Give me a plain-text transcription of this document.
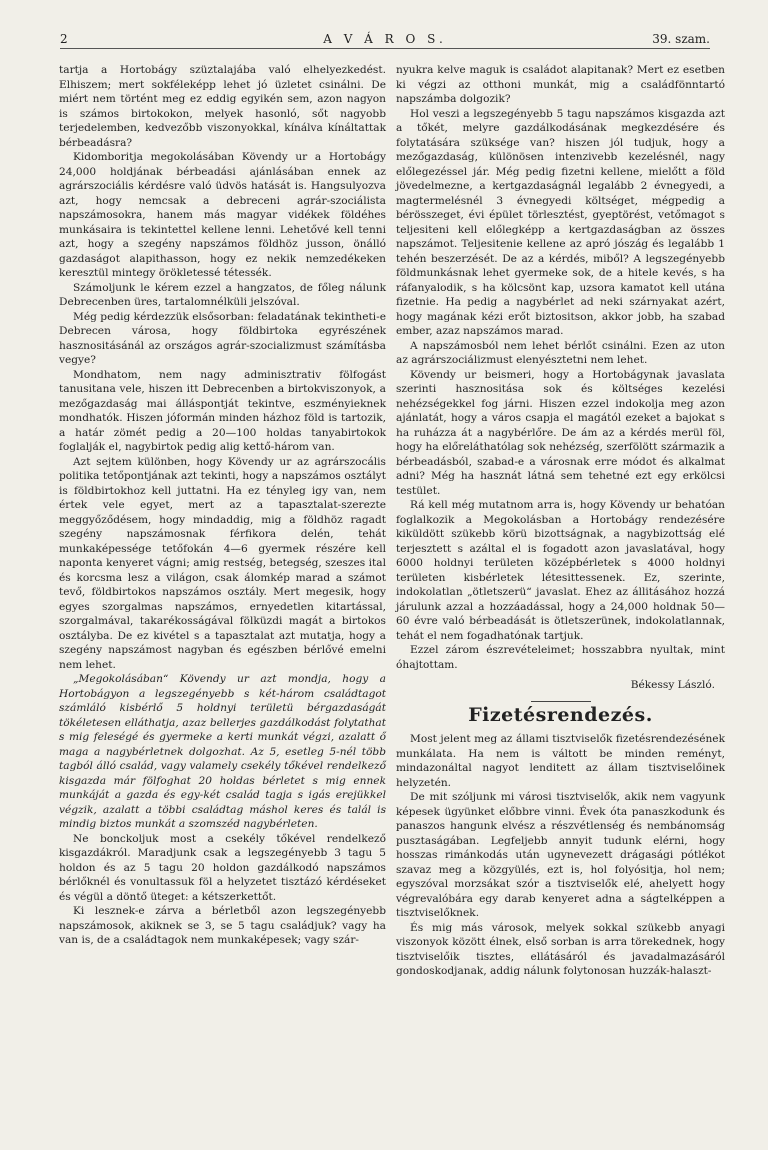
2	A V Á R O S.	39. szam.

tartja a Hortobágy szüztalajába való elhelyezkedést. Elhiszem; mert sokféleképp lehet jó üzletet csinálni. De miért nem történt meg ez eddig egyikén sem, azon nagyon is számos birtokokon, melyek hasonló, sőt nagyobb terjedelemben, kedvezőbb viszonyokkal, kínálva kínáltattak bérbeadásra?

Kidomboritja megokolásában Kövendy ur a Hortobágy 24,000 holdjának bérbeadási ajánlásában ennek az agrárszociális kérdésre való üdvös hatását is. Hangsulyozva azt, hogy nemcsak a debreceni agrár-szociálista napszámosokra, hanem más magyar vidékek földéhes munkásaira is tekintettel kellene lenni. Lehetővé kell tenni azt, hogy a szegény napszámos földhöz jusson, önálló gazdaságot alapithasson, hogy ez nekik nemzedékeken keresztül mintegy örökletessé tétessék.

Számoljunk le kérem ezzel a hangzatos, de főleg nálunk Debrecenben üres, tartalomnélküli jelszóval.

Még pedig kérdezzük elsősorban: feladatának tekintheti-e Debrecen városa, hogy földbirtoka egyrészének hasznositásánál az országos agrár-szocializmust számításba vegye?

Mondhatom, nem nagy adminisztrativ fölfogást tanusitana vele, hiszen itt Debrecenben a birtokviszonyok, a mezőgazdaság mai álláspontját tekintve, eszményieknek mondhatók. Hiszen jóformán minden házhoz föld is tartozik, a határ zömét pedig a 20—100 holdas tanyabirtokok foglalják el, nagybirtok pedig alig kettő-három van.

Azt sejtem különben, hogy Kövendy ur az agrárszocális politika tetőpontjának azt tekinti, hogy a napszámos osztályt is földbirtokhoz kell juttatni. Ha ez tényleg igy van, nem értek vele egyet, mert az a tapasztalat-szerezte meggyőződésem, hogy mindaddig, mig a földhöz ragadt szegény napszámosnak férfikora delén, tehát munkaképessége tetőfokán 4—6 gyermek részére kell naponta kenyeret vágni; amig restség, betegség, szeszes ital és korcsma lesz a világon, csak álomkép marad a számot tevő, földbirtokos napszámos osztály. Mert megesik, hogy egyes szorgalmas napszámos, ernyedetlen kitartással, szorgalmával, takarékosságával fölküzdi magát a birtokos osztályba. De ez kivétel s a tapasztalat azt mutatja, hogy a szegény napszámost nagyban és egészben bérlővé emelni nem lehet.

„Megokolásában“ Kövendy ur azt mondja, hogy a Hortobágyon a legszegényebb s két-három családtagot számláló kisbérlő 5 holdnyi területü bérgazdaságát tökéletesen elláthatja, azaz bellerjes gazdálkodást folytathat s mig feleségé és gyermeke a kerti munkát végzi, azalatt ő maga a nagybérletnek dolgozhat. Az 5, esetleg 5-nél több tagból álló család, vagy valamely csekély tőkével rendelkező kisgazda már fölfoghat 20 holdas bérletet s mig ennek munkáját a gazda és egy-két család tagja s igás erejükkel végzik, azalatt a többi családtag máshol keres és talál is mindig biztos munkát a szomszéd nagybérleten.

Ne bonckoljuk most a csekély tőkével rendelkező kisgazdákról. Maradjunk csak a legszegényebb 3 tagu 5 holdon és az 5 tagu 20 holdon gazdálkodó napszámos bérlőknél és vonultassuk föl a helyzetet tisztázó kérdéseket és végül a döntő üteget: a kétszerkettőt.

Ki lesznek-e zárva a bérletből azon legszegényebb napszámosok, akiknek se 3, se 5 tagu családjuk? vagy ha van is, de a családtagok nem munkaképesek; vagy szár-

nyukra kelve maguk is családot alapitanak? Mert ez esetben ki végzi az otthoni munkát, mig a családfönntartó napszámba dolgozik?

Hol veszi a legszegényebb 5 tagu napszámos kisgazda azt a tőkét, melyre gazdálkodásának megkezdésére és folytatására szüksége van? hiszen jól tudjuk, hogy a mezőgazdaság, különösen intenzivebb kezelésnél, nagy előlegezéssel jár. Még pedig fizetni kellene, mielőtt a föld jövedelmezne, a kertgazdaságnál legalább 2 évnegyedi, a magtermelésnél 3 évnegyedi költséget, mégpedig a bérösszeget, évi épület törlesztést, gyeptörést, vetőmagot s teljesiteni kell előlegképp a kertgazdaságban az összes napszámot. Teljesitenie kellene az apró jószág és legalább 1 tehén beszerzését. De az a kérdés, miből? A legszegényebb földmunkásnak lehet gyermeke sok, de a hitele kevés, s ha ráfanyalodik, s ha kölcsönt kap, uzsora kamatot kell utána fizetnie. Ha pedig a nagybérlet ad neki szárnyakat azért, hogy magának kézi erőt biztositson, akkor jobb, ha szabad ember, azaz napszámos marad.

A napszámosból nem lehet bérlőt csinálni. Ezen az uton az agrárszociálizmust elenyésztetni nem lehet.

Kövendy ur beismeri, hogy a Hortobágynak javaslata szerinti hasznositása sok és költséges kezelési nehézségekkel fog járni. Hiszen ezzel indokolja meg azon ajánlatát, hogy a város csapja el magától ezeket a bajokat s ha ruházza át a nagybérlőre. De ám az a kérdés merül föl, hogy ha előreláthatólag sok nehézség, szerfölött származik a bérbeadásból, szabad-e a városnak erre módot és alkalmat adni? Még ha hasznát látná sem tehetné ezt egy erkölcsi testület.

Rá kell még mutatnom arra is, hogy Kövendy ur behatóan foglalkozik a Megokolásban a Hortobágy rendezésére kiküldött szükebb körü bizottságnak, a nagybizottság elé terjesztett s azáltal el is fogadott azon javaslatával, hogy 6000 holdnyi területen középbérletek s 4000 holdnyi területen kisbérletek létesittessenek. Ez, szerinte, indokolatlan „ötletszerü“ javaslat. Ehez az állitásához hozzá járulunk azzal a hozzáadással, hogy a 24,000 holdnak 50—60 évre való bérbeadását is ötletszerünek, indokolatlannak, tehát el nem fogadhatónak tartjuk.

Ezzel zárom észrevételeimet; hosszabbra nyultak, mint óhajtottam.

Békessy László.
Fizetésrendezés.

Most jelent meg az állami tisztviselők fizetésrendezésének munkálata. Ha nem is váltott be minden reményt, mindazonáltal nagyot lenditett az állam tisztviselőinek helyzetén.

De mit szóljunk mi városi tisztviselők, akik nem vagyunk képesek ügyünket előbbre vinni. Évek óta panaszkodunk és panaszos hangunk elvész a részvétlenség és nembánomság pusztaságában. Legfeljebb annyit tudunk elérni, hogy hosszas rimánkodás után ugynevezett drágasági pótlékot szavaz meg a közgyülés, ezt is, hol folyósitja, hol nem; egyszóval morzsákat szór a tisztviselők elé, ahelyett hogy végrevalóbára egy darab kenyeret adna a ságtelképpen a tisztviselőknek.

És mig más városok, melyek sokkal szükebb anyagi viszonyok között élnek, első sorban is arra törekednek, hogy tisztviselőik tisztes, ellátásáról és javadalmazásáról gondoskodjanak, addig nálunk folytonosan huzzák-halaszt-
